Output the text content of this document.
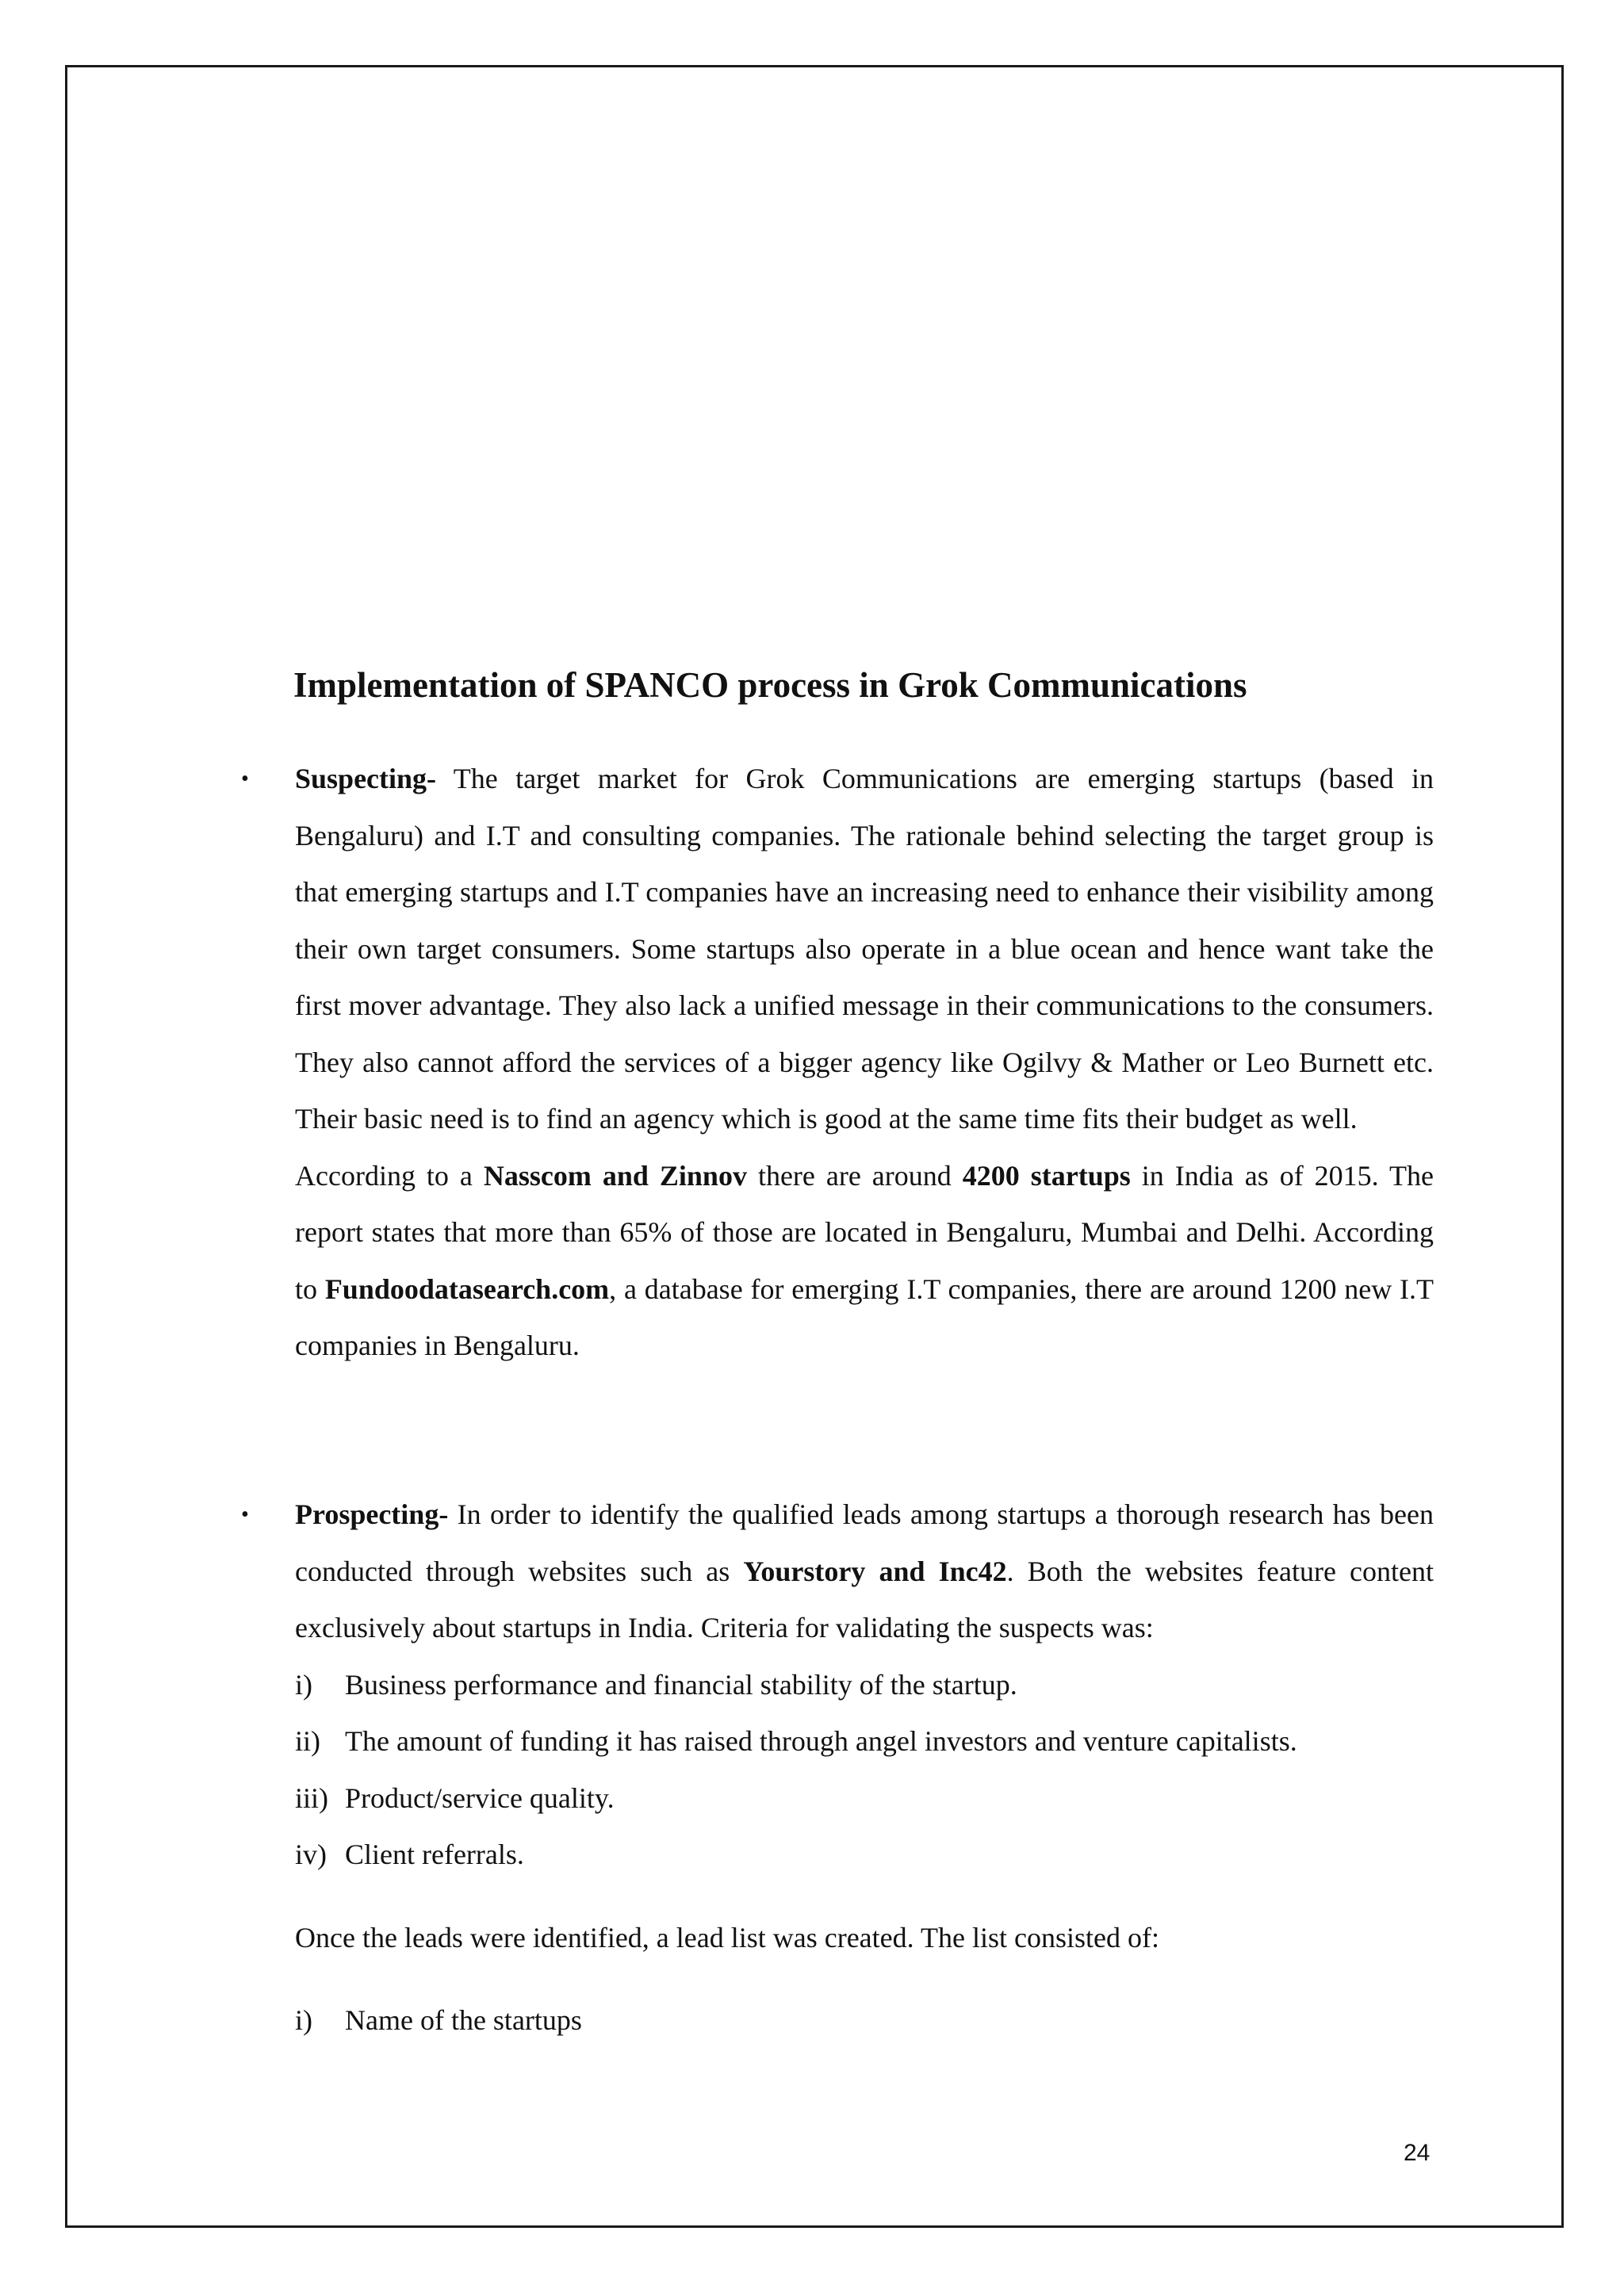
Implementation of SPANCO process in Grok Communications
• Suspecting- The target market for Grok Communications are emerging startups (based in Bengaluru) and I.T and consulting companies. The rationale behind selecting the target group is that emerging startups and I.T companies have an increasing need to enhance their visibility among their own target consumers. Some startups also operate in a blue ocean and hence want take the first mover advantage. They also lack a unified message in their communications to the consumers. They also cannot afford the services of a bigger agency like Ogilvy & Mather or Leo Burnett etc. Their basic need is to find an agency which is good at the same time fits their budget as well.

According to a Nasscom and Zinnov there are around 4200 startups in India as of 2015. The report states that more than 65% of those are located in Bengaluru, Mumbai and Delhi. According to Fundoodatasearch.com, a database for emerging I.T companies, there are around 1200 new I.T companies in Bengaluru.

• Prospecting- In order to identify the qualified leads among startups a thorough research has been conducted through websites such as Yourstory and Inc42. Both the websites feature content exclusively about startups in India. Criteria for validating the suspects was:

i) Business performance and financial stability of the startup.
ii) The amount of funding it has raised through angel investors and venture capitalists.
iii) Product/service quality.
iv) Client referrals.

Once the leads were identified, a lead list was created. The list consisted of:

i) Name of the startups
24
